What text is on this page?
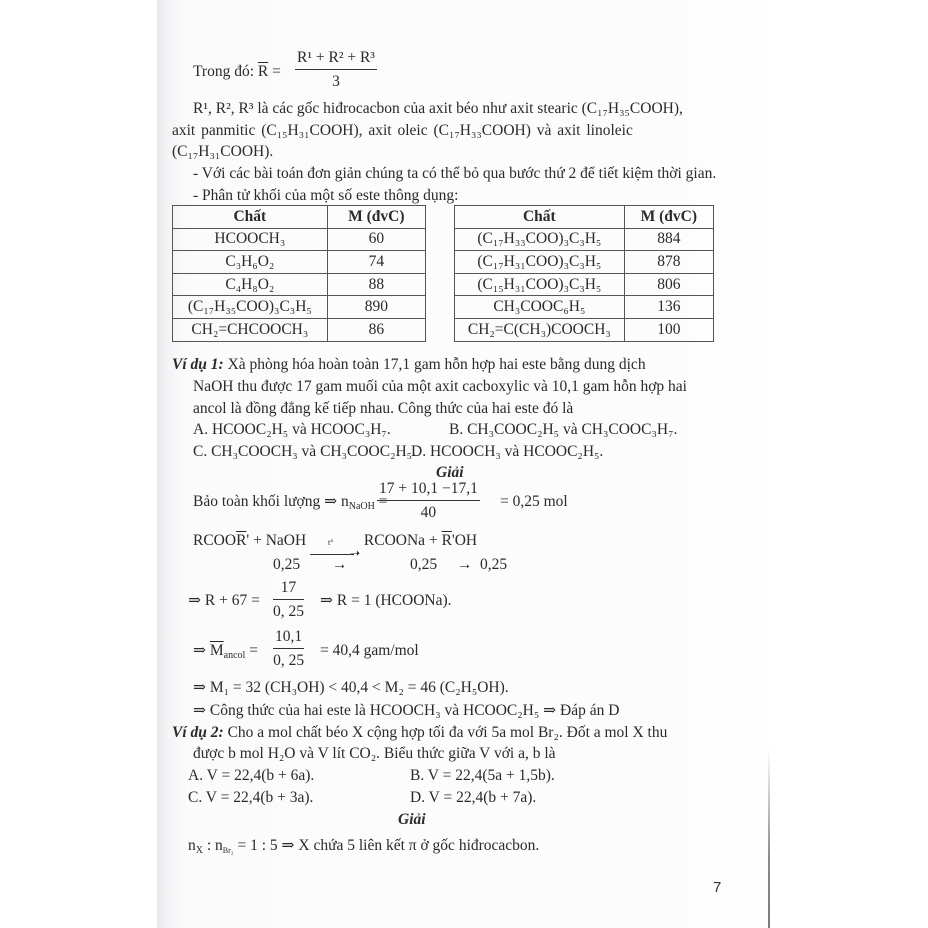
Trong đó: $\overline{R} = \frac{\text{R¹ + R² + R³}}{3}$
R¹, R², R³ là các gốc hiđrocacbon của axit béo như axit stearic (C₁₇H₃₅COOH),
axit panmitic (C₁₅H₃₁COOH), axit oleic (C₁₇H₃₃COOH) và axit linoleic
(C₁₇H₃₁COOH).
- Với các bài toán đơn giản chúng ta có thể bỏ qua bước thứ 2 để tiết kiệm thời gian.
- Phân tử khối của một số este thông dụng:
Chất	M (đvC)
HCOOCH₃	60
C₃H₆O₂	74
C₄H₈O₂	88
(C₁₇H₃₅COO)₃C₃H₅	890
CH₂=CHCOOCH₃	86
Chất	M (đvC)
(C₁₇H₃₃COO)₃C₃H₅	884
(C₁₇H₃₁COO)₃C₃H₅	878
(C₁₅H₃₁COO)₃C₃H₅	806
CH₃COOC₆H₅	136
CH₂=C(CH₃)COOCH₃	100
Ví dụ 1: Xà phòng hóa hoàn toàn 17,1 gam hỗn hợp hai este bằng dung dịch
NaOH thu được 17 gam muối của một axit cacboxylic và 10,1 gam hỗn hợp hai
ancol là đồng đẳng kế tiếp nhau. Công thức của hai este đó là
A. HCOOC₂H₅ và HCOOC₃H₇.	B. CH₃COOC₂H₅ và CH₃COOC₃H₇.
C. CH₃COOCH₃ và CH₃COOC₂H₅.
D. HCOOCH₃ và HCOOC₂H₅.
Giải
Bảo toàn khối lượng ⇒ $n_{NaOH}$ =
$\frac{17 + 10,1 -17,1}{40} = 0,25$ mol
$RCOO\overline{R}'$ + NaOH
➝
t° RCOONa + $\overline{R}'OH$
0,25 →	0,25 → 0,25
⇒ $R + 67 = \frac{17}{0, 25}$ ⇒ R = 1 (HCOONa).
⇒ $\overline{M}_{ancol} = \frac{10,1}{0, 25} = 40,4$ gam/mol
⇒ M₁ = 32 (CH₃OH) < 40,4 < M₂ = 46 (C₂H₅OH).
⇒ Công thức của hai este là HCOOCH₃ và HCOOC₂H₅ ⇒ Đáp án D
Ví dụ 2: Cho a mol chất béo X cộng hợp tối đa với 5a mol Br₂. Đốt a mol X thu
được b mol H₂O và V lít CO₂. Biểu thức giữa V với a, b là
A. V = 22,4(b + 6a).	B. V = 22,4(5a + 1,5b).
C. V = 22,4(b + 3a).	D. V = 22,4(b + 7a).
Giải
$n_X$ : $n_{Br_2} = 1$ : 5 ⇒ X chứa 5 liên kết π ở gốc hiđrocacbon.
7
